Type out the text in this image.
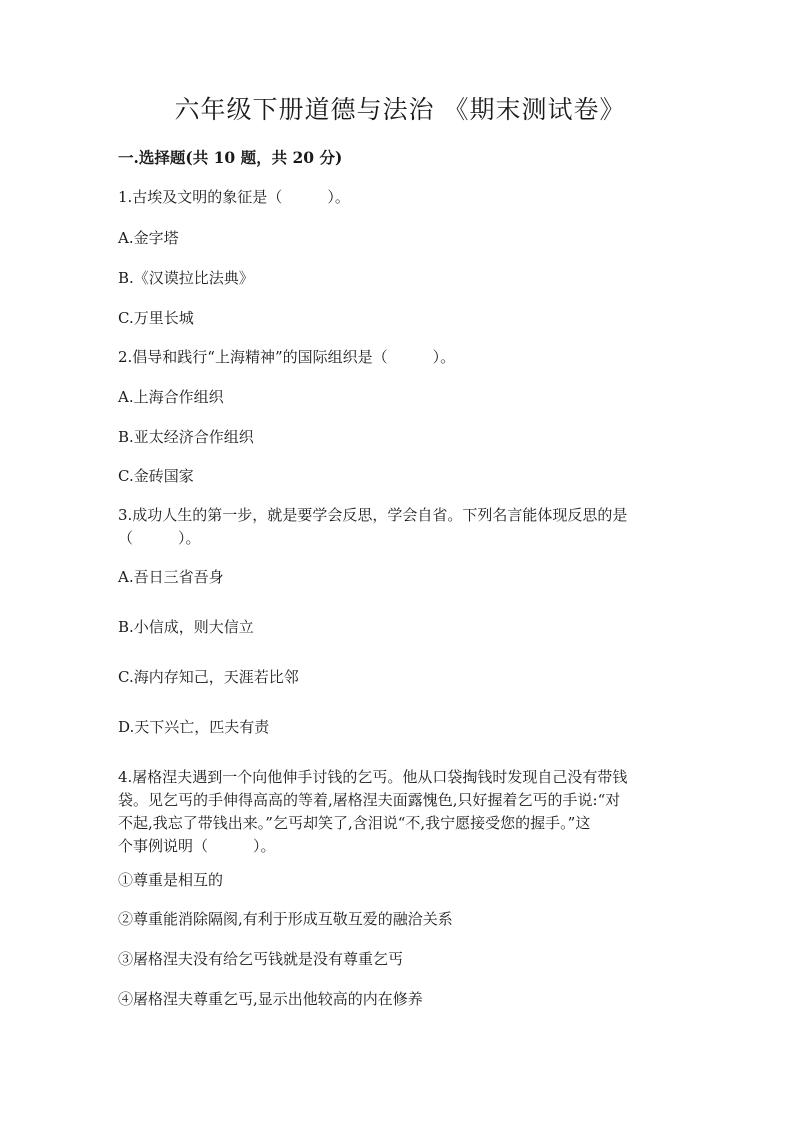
六年级下册道德与法治 《期末测试卷》
一.选择题(共 10 题，共 20 分)
1.古埃及文明的象征是（　　　）。
A.金字塔
B.《汉谟拉比法典》
C.万里长城
2.倡导和践行“上海精神”的国际组织是（　　　）。
A.上海合作组织
B.亚太经济合作组织
C.金砖国家
3.成功人生的第一步，就是要学会反思，学会自省。下列名言能体现反思的是
（　　　）。
A.吾日三省吾身
B.小信成，则大信立
C.海内存知己，天涯若比邻
D.天下兴亡，匹夫有责
4.屠格涅夫遇到一个向他伸手讨钱的乞丐。他从口袋掏钱时发现自己没有带钱
袋。见乞丐的手伸得高高的等着,屠格涅夫面露愧色,只好握着乞丐的手说:“对
不起,我忘了带钱出来。”乞丐却笑了,含泪说“不,我宁愿接受您的握手。”这
个事例说明（　　　）。
①尊重是相互的
②尊重能消除隔阂,有利于形成互敬互爱的融洽关系
③屠格涅夫没有给乞丐钱就是没有尊重乞丐
④屠格涅夫尊重乞丐,显示出他较高的内在修养
